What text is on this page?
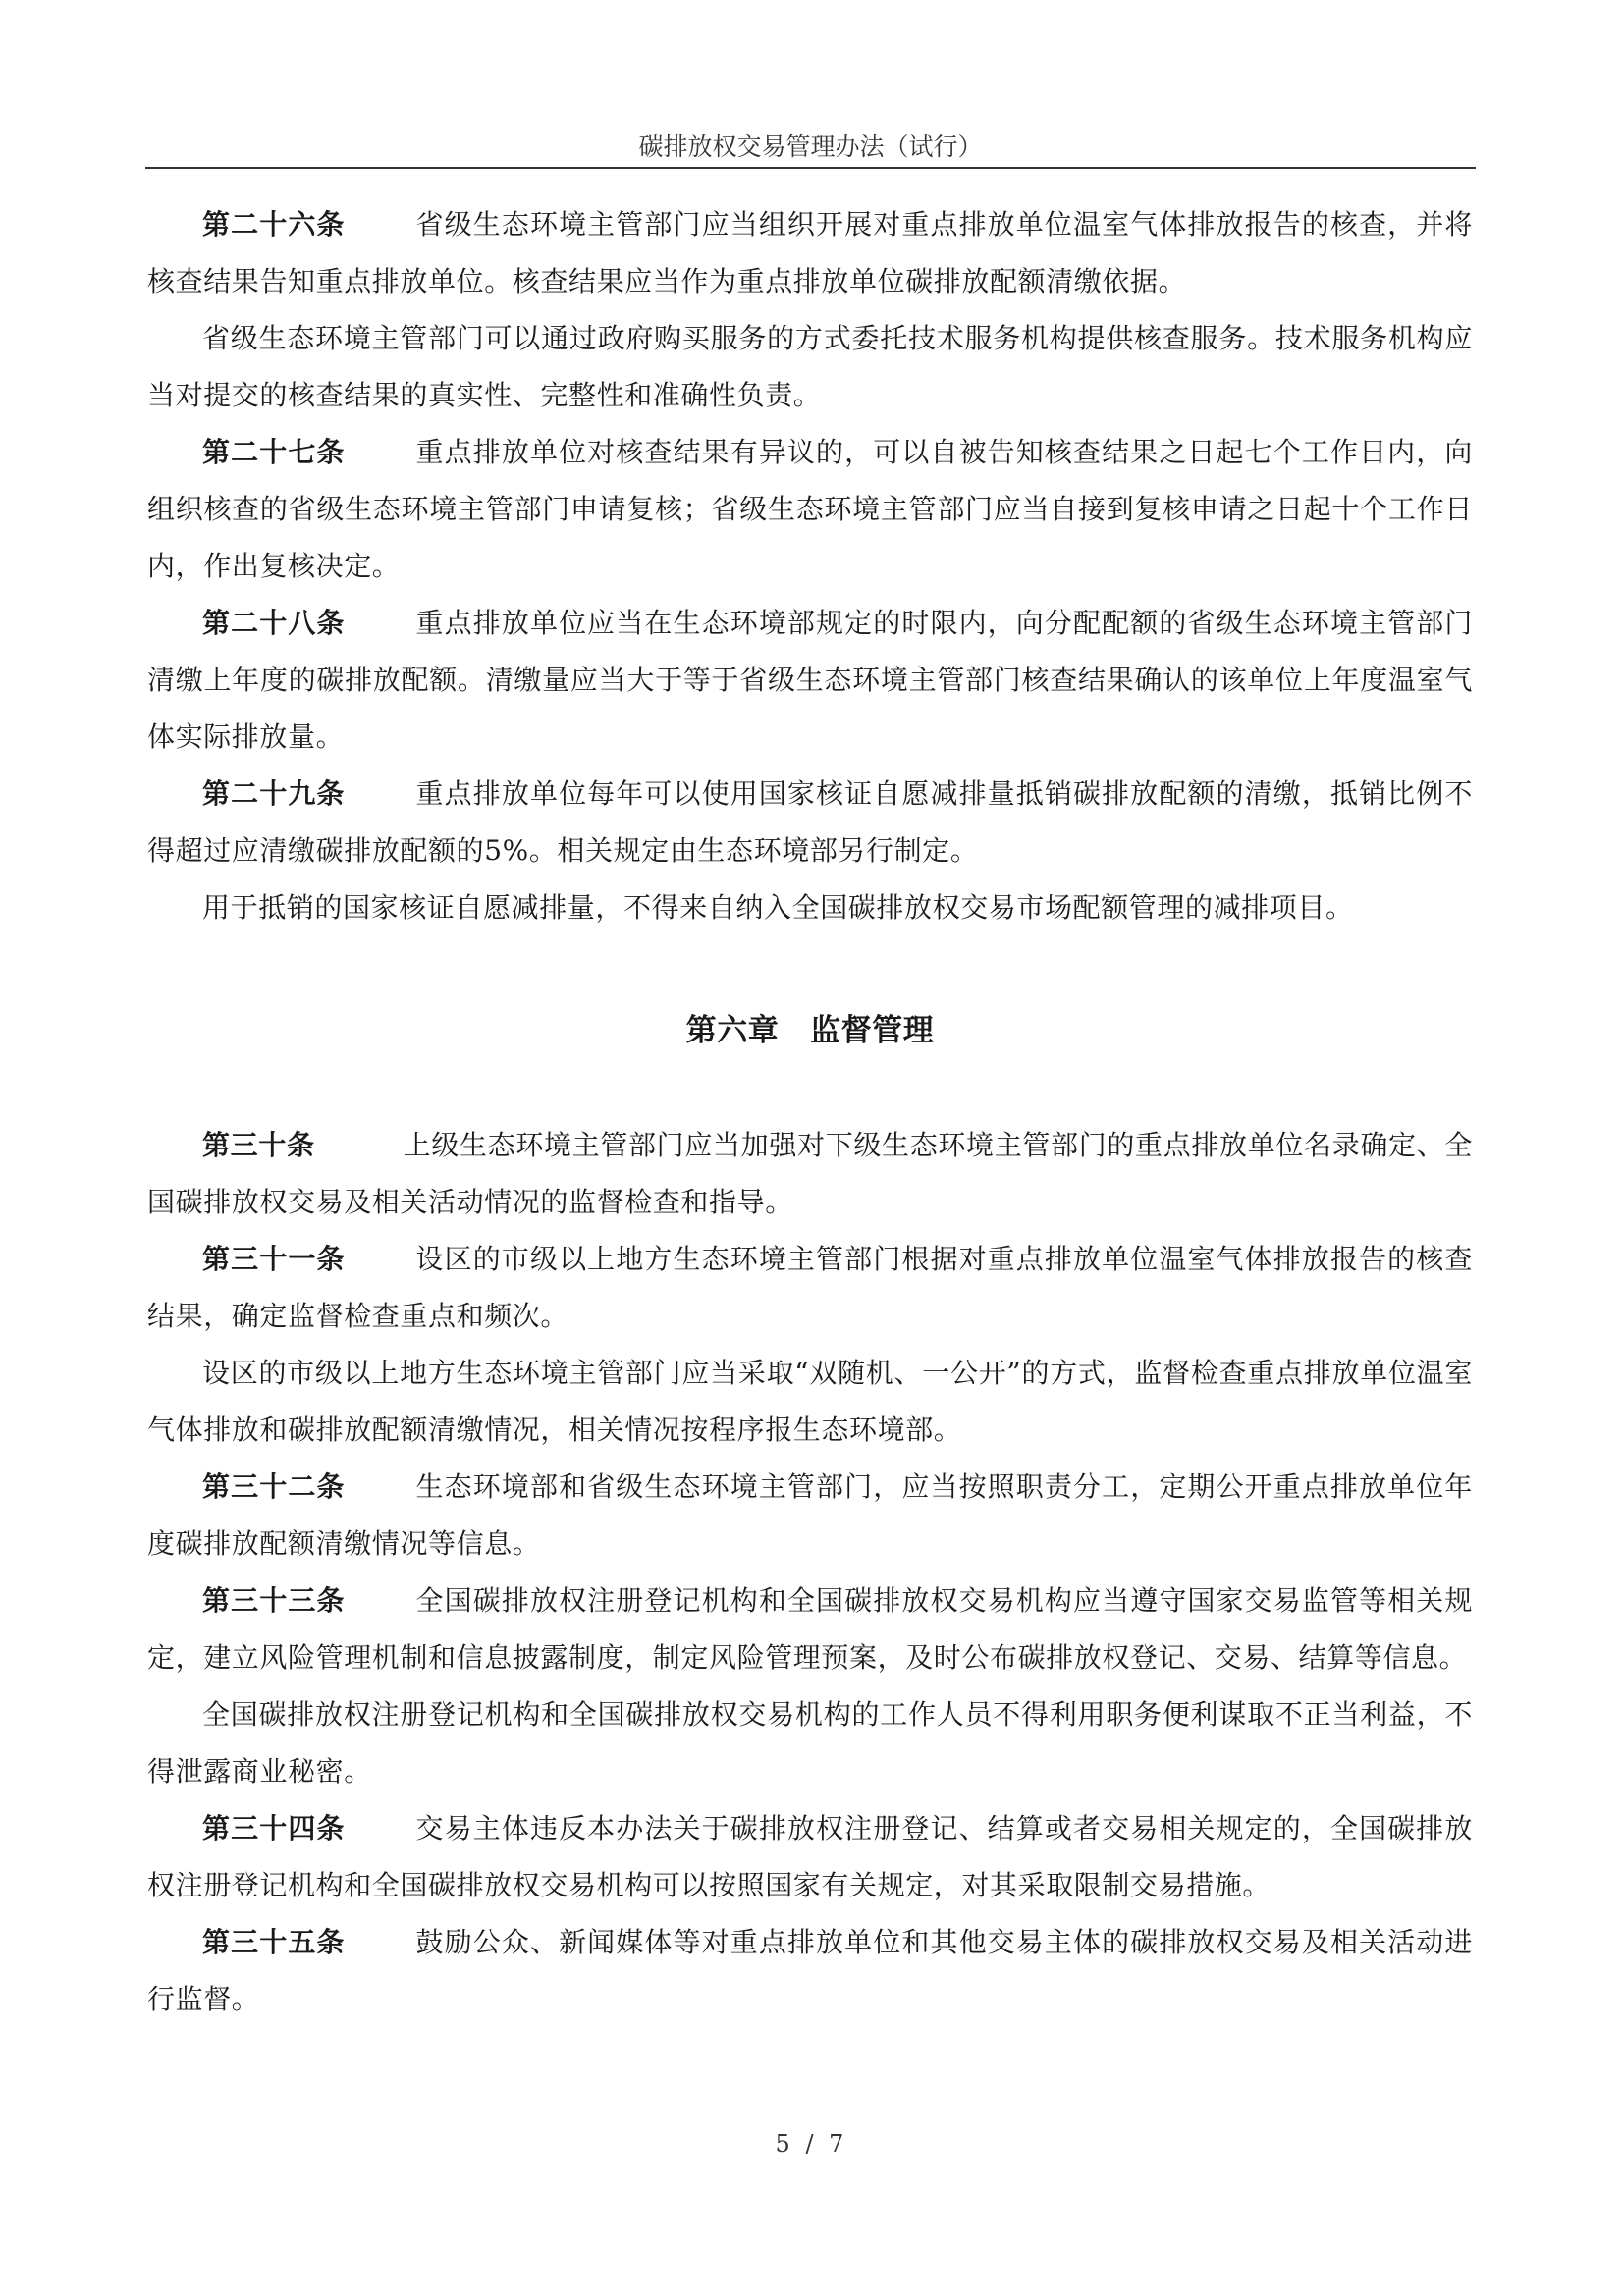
碳排放权交易管理办法（试行）

第二十六条	省级生态环境主管部门应当组织开展对重点排放单位温室气体排放报告的核查，并将核查结果告知重点排放单位。核查结果应当作为重点排放单位碳排放配额清缴依据。

省级生态环境主管部门可以通过政府购买服务的方式委托技术服务机构提供核查服务。技术服务机构应当对提交的核查结果的真实性、完整性和准确性负责。

第二十七条	重点排放单位对核查结果有异议的，可以自被告知核查结果之日起七个工作日内，向组织核查的省级生态环境主管部门申请复核；省级生态环境主管部门应当自接到复核申请之日起十个工作日内，作出复核决定。

第二十八条	重点排放单位应当在生态环境部规定的时限内，向分配配额的省级生态环境主管部门清缴上年度的碳排放配额。清缴量应当大于等于省级生态环境主管部门核查结果确认的该单位上年度温室气体实际排放量。

第二十九条	重点排放单位每年可以使用国家核证自愿减排量抵销碳排放配额的清缴，抵销比例不得超过应清缴碳排放配额的5%。相关规定由生态环境部另行制定。

用于抵销的国家核证自愿减排量，不得来自纳入全国碳排放权交易市场配额管理的减排项目。

第六章　监督管理

第三十条	上级生态环境主管部门应当加强对下级生态环境主管部门的重点排放单位名录确定、全国碳排放权交易及相关活动情况的监督检查和指导。

第三十一条	设区的市级以上地方生态环境主管部门根据对重点排放单位温室气体排放报告的核查结果，确定监督检查重点和频次。

设区的市级以上地方生态环境主管部门应当采取“双随机、一公开”的方式，监督检查重点排放单位温室气体排放和碳排放配额清缴情况，相关情况按程序报生态环境部。

第三十二条	生态环境部和省级生态环境主管部门，应当按照职责分工，定期公开重点排放单位年度碳排放配额清缴情况等信息。

第三十三条	全国碳排放权注册登记机构和全国碳排放权交易机构应当遵守国家交易监管等相关规定，建立风险管理机制和信息披露制度，制定风险管理预案，及时公布碳排放权登记、交易、结算等信息。

全国碳排放权注册登记机构和全国碳排放权交易机构的工作人员不得利用职务便利谋取不正当利益，不得泄露商业秘密。

第三十四条	交易主体违反本办法关于碳排放权注册登记、结算或者交易相关规定的，全国碳排放权注册登记机构和全国碳排放权交易机构可以按照国家有关规定，对其采取限制交易措施。

第三十五条	鼓励公众、新闻媒体等对重点排放单位和其他交易主体的碳排放权交易及相关活动进行监督。

5 / 7
